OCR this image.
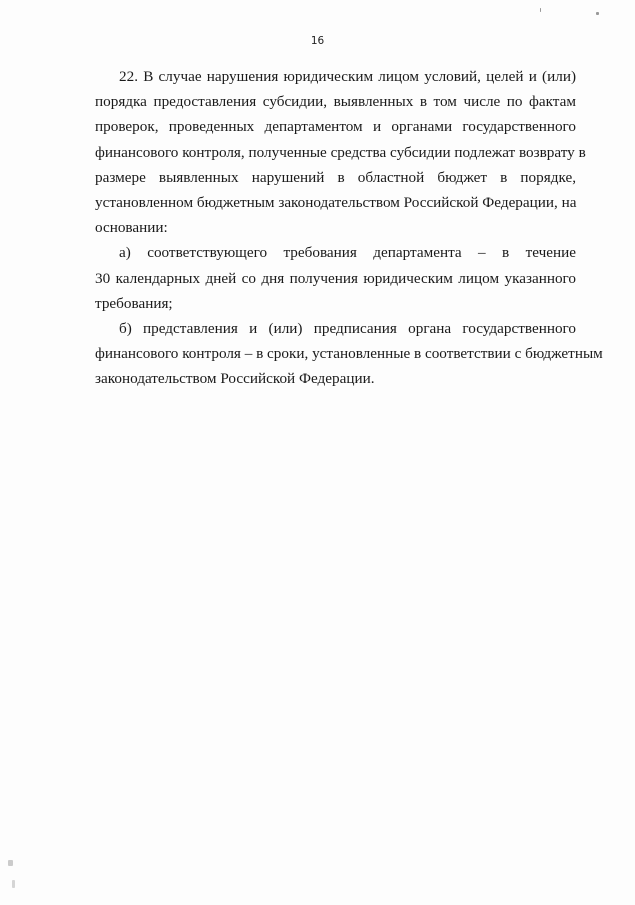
16
22. В случае нарушения юридическим лицом условий, целей и (или)
порядка предоставления субсидии, выявленных в том числе по фактам
проверок, проведенных департаментом и органами государственного
финансового контроля, полученные средства субсидии подлежат возврату в
размере выявленных нарушений в областной бюджет в порядке,
установленном бюджетным законодательством Российской Федерации, на
основании:
а) соответствующего требования департамента – в течение
30 календарных дней со дня получения юридическим лицом указанного
требования;
б) представления и (или) предписания органа государственного
финансового контроля – в сроки, установленные в соответствии с бюджетным
законодательством Российской Федерации.
